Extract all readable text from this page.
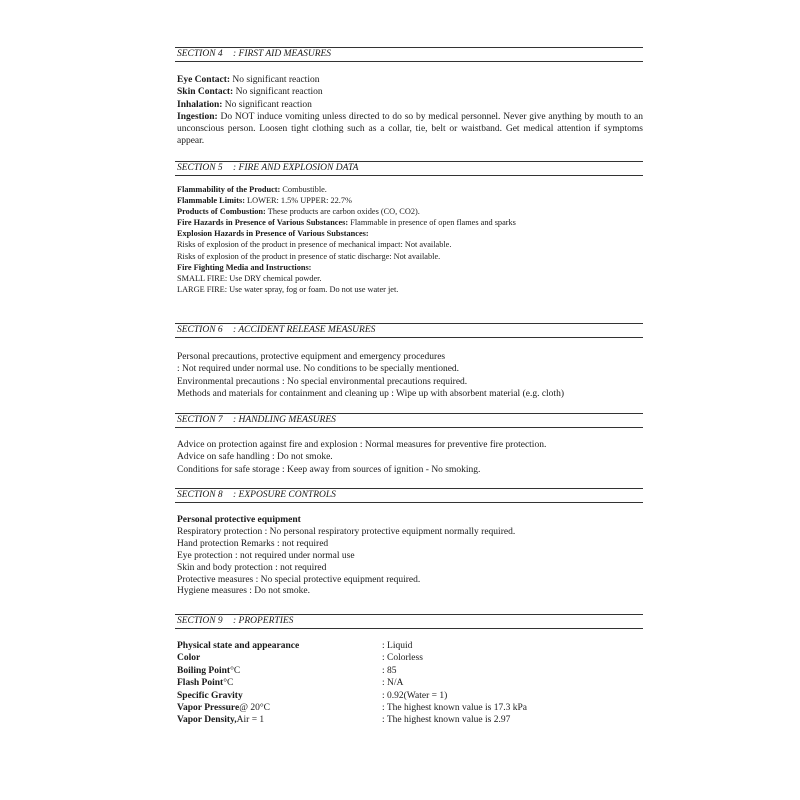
SECTION 4 : FIRST AID MEASURES
Eye Contact: No significant reaction
Skin Contact: No significant reaction
Inhalation: No significant reaction
Ingestion: Do NOT induce vomiting unless directed to do so by medical personnel. Never give anything by mouth to an unconscious person. Loosen tight clothing such as a collar, tie, belt or waistband. Get medical attention if symptoms appear.
SECTION 5 : FIRE AND EXPLOSION DATA
Flammability of the Product: Combustible.
Flammable Limits: LOWER: 1.5% UPPER: 22.7%
Products of Combustion: These products are carbon oxides (CO, CO2).
Fire Hazards in Presence of Various Substances: Flammable in presence of open flames and sparks
Explosion Hazards in Presence of Various Substances:
Risks of explosion of the product in presence of mechanical impact: Not available.
Risks of explosion of the product in presence of static discharge: Not available.
Fire Fighting Media and Instructions:
SMALL FIRE: Use DRY chemical powder.
LARGE FIRE: Use water spray, fog or foam. Do not use water jet.
SECTION 6 : ACCIDENT RELEASE MEASURES
Personal precautions, protective equipment and emergency procedures
: Not required under normal use. No conditions to be specially mentioned.
Environmental precautions : No special environmental precautions required.
Methods and materials for containment and cleaning up : Wipe up with absorbent material (e.g. cloth)
SECTION 7 : HANDLING MEASURES
Advice on protection against fire and explosion : Normal measures for preventive fire protection.
Advice on safe handling : Do not smoke.
Conditions for safe storage : Keep away from sources of ignition - No smoking.
SECTION 8 : EXPOSURE CONTROLS
Personal protective equipment
Respiratory protection : No personal respiratory protective equipment normally required.
Hand protection Remarks : not required
Eye protection : not required under normal use
Skin and body protection : not required
Protective measures : No special protective equipment required.
Hygiene measures : Do not smoke.
SECTION 9 : PROPERTIES
Physical state and appearance	: Liquid
Color	: Colorless
Boiling Point°C	: 85
Flash Point°C	: N/A
Specific Gravity	: 0.92(Water = 1)
Vapor Pressure@ 20°C	: The highest known value is 17.3 kPa
Vapor Density,Air = 1	: The highest known value is 2.97
